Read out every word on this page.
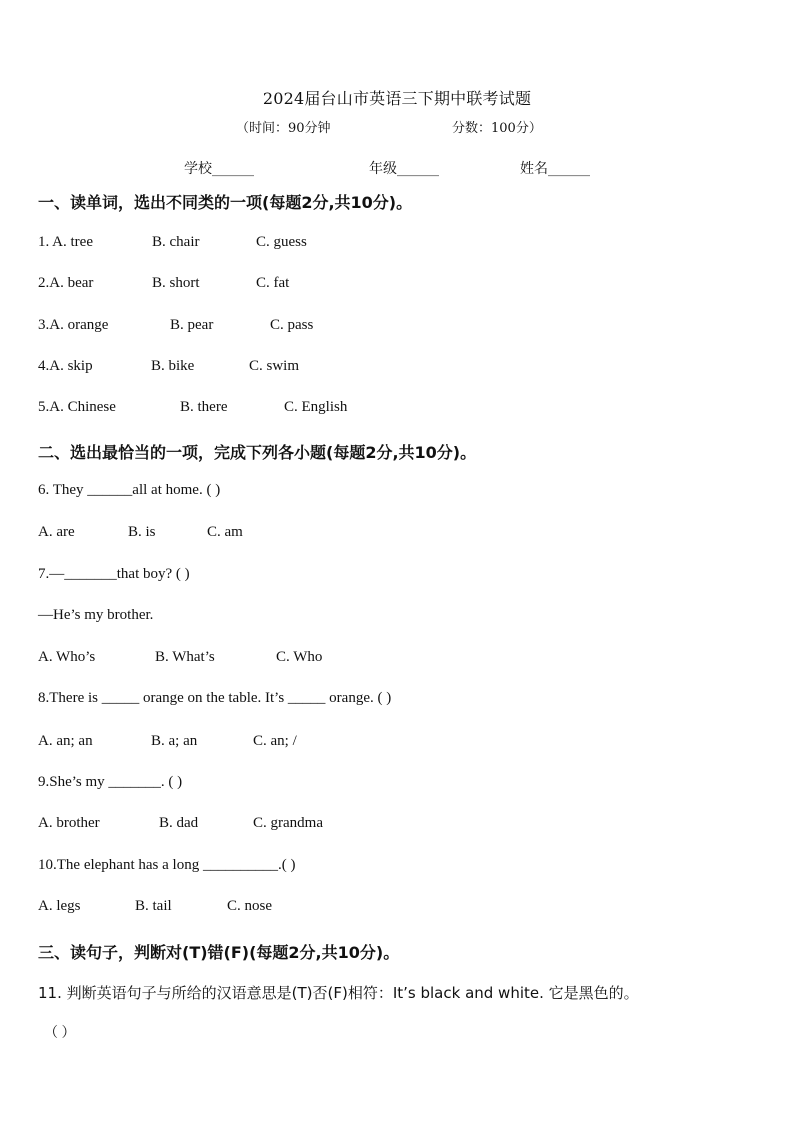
2024届台山市英语三下期中联考试题
（时间：90分钟	分数：100分）
学校______	年级______	姓名______
一、读单词，选出不同类的一项(每题2分,共10分)。
1. A. tree	B. chair	C. guess
2.A. bear	B. short	C. fat
3.A. orange	B. pear	C. pass
4.A. skip	B. bike	C. swim
5.A. Chinese	B. there	C. English
二、选出最恰当的一项，完成下列各小题(每题2分,共10分)。
6. They ______all at home. ( )
A. are	B. is	C. am
7.—_______that boy? ( )
—He’s my brother.
A. Who’s	B. What’s	C. Who
8.There is _____ orange on the table. It’s _____ orange. ( )
A. an; an	B. a; an	C. an; /
9.She’s my _______. ( )
A. brother	B. dad	C. grandma
10.The elephant has a long __________.( )
A. legs	B. tail	C. nose
三、读句子，判断对(T)错(F)(每题2分,共10分)。
11. 判断英语句子与所给的汉语意思是(T)否(F)相符：It’s black and white. 它是黑色的。
（ ）
